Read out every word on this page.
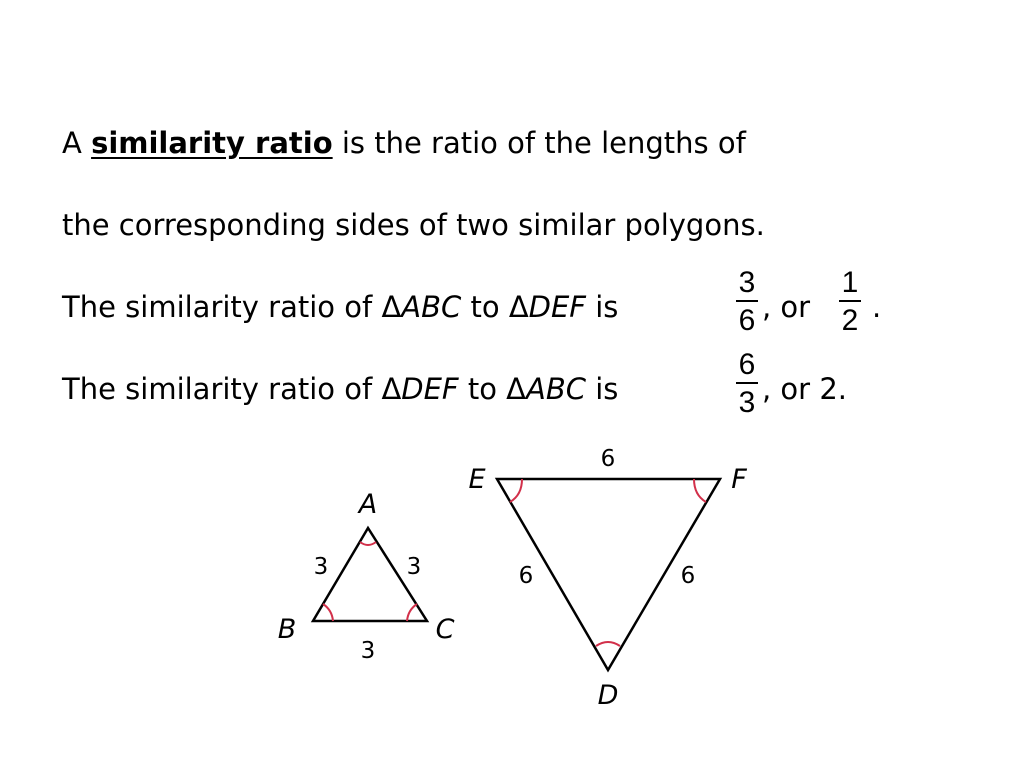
A similarity ratio is the ratio of the lengths of
the corresponding sides of two similar polygons.
The similarity ratio of ΔABC to ΔDEF is
3
6 , or
1
2 .
The similarity ratio of ΔDEF to ΔABC is
6
3 , or 2.
A
B	C
3	3
3
E	F
D
6
6	6
